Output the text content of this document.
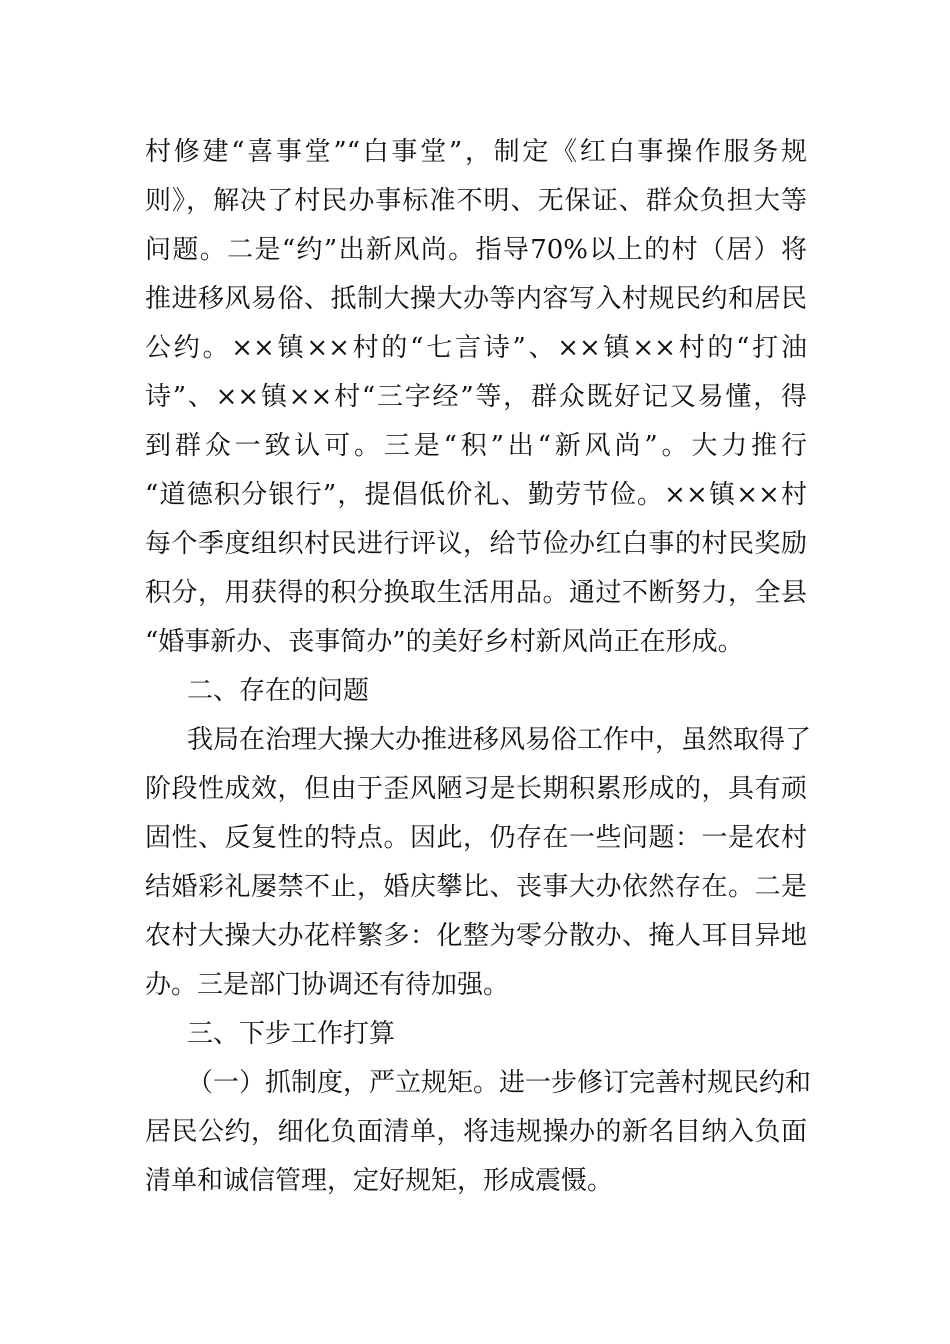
村修建“喜事堂”“白事堂”，制定《红白事操作服务规
则》，解决了村民办事标准不明、无保证、群众负担大等
问题。二是“约”出新风尚。指导70%以上的村（居）将
推进移风易俗、抵制大操大办等内容写入村规民约和居民
公约。××镇××村的“七言诗”、××镇××村的“打油
诗”、××镇××村“三字经”等，群众既好记又易懂，得
到群众一致认可。三是“积”出“新风尚”。大力推行
“道德积分银行”，提倡低价礼、勤劳节俭。××镇××村
每个季度组织村民进行评议，给节俭办红白事的村民奖励
积分，用获得的积分换取生活用品。通过不断努力，全县
“婚事新办、丧事简办”的美好乡村新风尚正在形成。
二、存在的问题
我局在治理大操大办推进移风易俗工作中，虽然取得了
阶段性成效，但由于歪风陋习是长期积累形成的，具有顽
固性、反复性的特点。因此，仍存在一些问题：一是农村
结婚彩礼屡禁不止，婚庆攀比、丧事大办依然存在。二是
农村大操大办花样繁多：化整为零分散办、掩人耳目异地
办。三是部门协调还有待加强。
三、下步工作打算
（一）抓制度，严立规矩。进一步修订完善村规民约和
居民公约，细化负面清单，将违规操办的新名目纳入负面
清单和诚信管理，定好规矩，形成震慑。
